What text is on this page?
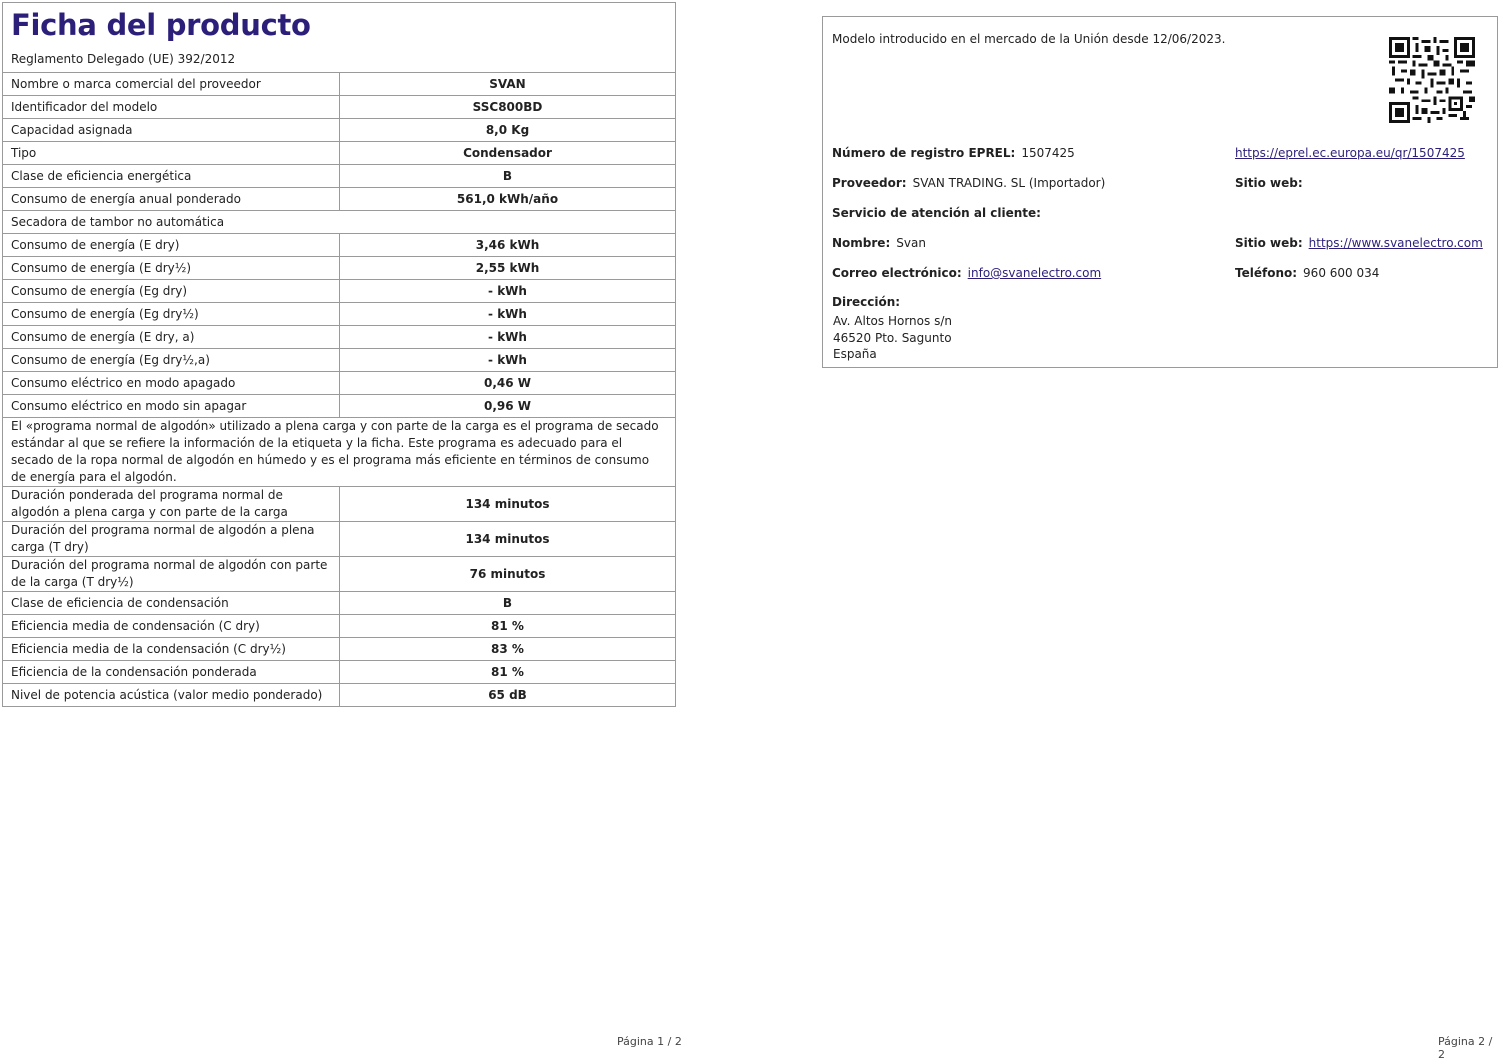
Ficha del producto
Reglamento Delegado (UE) 392/2012
Nombre o marca comercial del proveedor	SVAN
Identificador del modelo	SSC800BD
Capacidad asignada	8,0 Kg
Tipo	Condensador
Clase de eficiencia energética	B
Consumo de energía anual ponderado	561,0 kWh/año
Secadora de tambor no automática	
Consumo de energía (E dry)	3,46 kWh
Consumo de energía (E dry½)	2,55 kWh
Consumo de energía (Eg dry)	- kWh
Consumo de energía (Eg dry½)	- kWh
Consumo de energía (E dry, a)	- kWh
Consumo de energía (Eg dry½,a)	- kWh
Consumo eléctrico en modo apagado	0,46 W
Consumo eléctrico en modo sin apagar	0,96 W
El «programa normal de algodón» utilizado a plena carga y con parte de la carga es el programa de secado estándar al que se refiere la información de la etiqueta y la ficha. Este programa es adecuado para el secado de la ropa normal de algodón en húmedo y es el programa más eficiente en términos de consumo de energía para el algodón.	
Duración ponderada del programa normal de algodón a plena carga y con parte de la carga	134 minutos
Duración del programa normal de algodón a plena carga (T dry)	134 minutos
Duración del programa normal de algodón con parte de la carga (T dry½)	76 minutos
Clase de eficiencia de condensación	B
Eficiencia media de condensación (C dry)	81 %
Eficiencia media de la condensación (C dry½)	83 %
Eficiencia de la condensación ponderada	81 %
Nivel de potencia acústica (valor medio ponderado)	65 dB
Modelo introducido en el mercado de la Unión desde 12/06/2023.
Número de registro EPREL: 1507425	https://eprel.ec.europa.eu/qr/1507425
Proveedor: SVAN TRADING. SL (Importador)	Sitio web:
Servicio de atención al cliente:
Nombre: Svan	Sitio web: https://www.svanelectro.com
Correo electrónico: info@svanelectro.com	Teléfono: 960 600 034
Dirección:
Av. Altos Hornos s/n
46520 Pto. Sagunto
España
Página 1 / 2	Página 2 / 2
